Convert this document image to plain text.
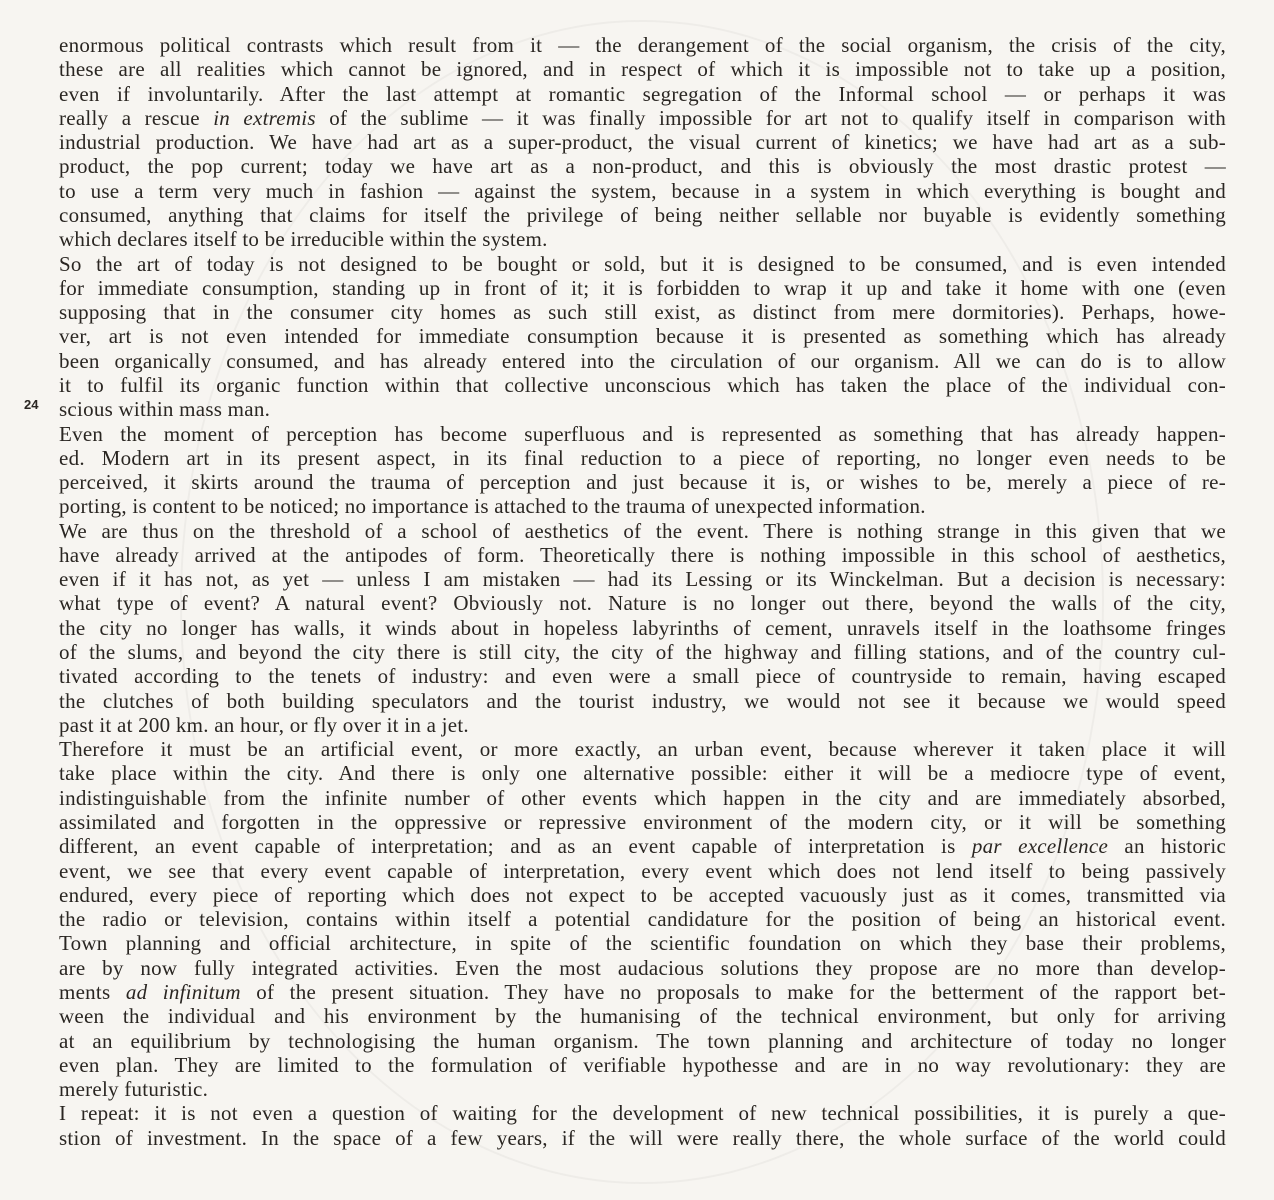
24
enormous political contrasts which result from it — the derangement of the social organism, the crisis of the city,
these are all realities which cannot be ignored, and in respect of which it is impossible not to take up a position,
even if involuntarily. After the last attempt at romantic segregation of the Informal school — or perhaps it was
really a rescue in extremis of the sublime — it was finally impossible for art not to qualify itself in comparison with
industrial production. We have had art as a super-product, the visual current of kinetics; we have had art as a sub-
product, the pop current; today we have art as a non-product, and this is obviously the most drastic protest —
to use a term very much in fashion — against the system, because in a system in which everything is bought and
consumed, anything that claims for itself the privilege of being neither sellable nor buyable is evidently something
which declares itself to be irreducible within the system.
So the art of today is not designed to be bought or sold, but it is designed to be consumed, and is even intended
for immediate consumption, standing up in front of it; it is forbidden to wrap it up and take it home with one (even
supposing that in the consumer city homes as such still exist, as distinct from mere dormitories). Perhaps, howe-
ver, art is not even intended for immediate consumption because it is presented as something which has already
been organically consumed, and has already entered into the circulation of our organism. All we can do is to allow
it to fulfil its organic function within that collective unconscious which has taken the place of the individual con-
scious within mass man.
Even the moment of perception has become superfluous and is represented as something that has already happen-
ed. Modern art in its present aspect, in its final reduction to a piece of reporting, no longer even needs to be
perceived, it skirts around the trauma of perception and just because it is, or wishes to be, merely a piece of re-
porting, is content to be noticed; no importance is attached to the trauma of unexpected information.
We are thus on the threshold of a school of aesthetics of the event. There is nothing strange in this given that we
have already arrived at the antipodes of form. Theoretically there is nothing impossible in this school of aesthetics,
even if it has not, as yet — unless I am mistaken — had its Lessing or its Winckelman. But a decision is necessary:
what type of event? A natural event? Obviously not. Nature is no longer out there, beyond the walls of the city,
the city no longer has walls, it winds about in hopeless labyrinths of cement, unravels itself in the loathsome fringes
of the slums, and beyond the city there is still city, the city of the highway and filling stations, and of the country cul-
tivated according to the tenets of industry: and even were a small piece of countryside to remain, having escaped
the clutches of both building speculators and the tourist industry, we would not see it because we would speed
past it at 200 km. an hour, or fly over it in a jet.
Therefore it must be an artificial event, or more exactly, an urban event, because wherever it taken place it will
take place within the city. And there is only one alternative possible: either it will be a mediocre type of event,
indistinguishable from the infinite number of other events which happen in the city and are immediately absorbed,
assimilated and forgotten in the oppressive or repressive environment of the modern city, or it will be something
different, an event capable of interpretation; and as an event capable of interpretation is par excellence an historic
event, we see that every event capable of interpretation, every event which does not lend itself to being passively
endured, every piece of reporting which does not expect to be accepted vacuously just as it comes, transmitted via
the radio or television, contains within itself a potential candidature for the position of being an historical event.
Town planning and official architecture, in spite of the scientific foundation on which they base their problems,
are by now fully integrated activities. Even the most audacious solutions they propose are no more than develop-
ments ad infinitum of the present situation. They have no proposals to make for the betterment of the rapport bet-
ween the individual and his environment by the humanising of the technical environment, but only for arriving
at an equilibrium by technologising the human organism. The town planning and architecture of today no longer
even plan. They are limited to the formulation of verifiable hypothesse and are in no way revolutionary: they are
merely futuristic.
I repeat: it is not even a question of waiting for the development of new technical possibilities, it is purely a que-
stion of investment. In the space of a few years, if the will were really there, the whole surface of the world could
